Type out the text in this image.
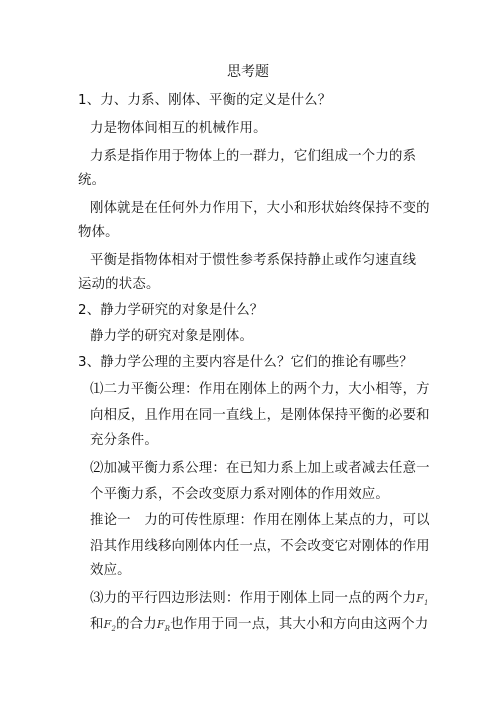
思考题
1、力、力系、刚体、平衡的定义是什么？
力是物体间相互的机械作用。
力系是指作用于物体上的一群力，它们组成一个力的系
统。
刚体就是在任何外力作用下，大小和形状始终保持不变的
物体。
平衡是指物体相对于惯性参考系保持静止或作匀速直线
运动的状态。
2、静力学研究的对象是什么？
静力学的研究对象是刚体。
3、静力学公理的主要内容是什么？它们的推论有哪些？
⑴二力平衡公理：作用在刚体上的两个力，大小相等，方
向相反，且作用在同一直线上，是刚体保持平衡的必要和
充分条件。
⑵加减平衡力系公理：在已知力系上加上或者减去任意一
个平衡力系，不会改变原力系对刚体的作用效应。
推论一　力的可传性原理：作用在刚体上某点的力，可以
沿其作用线移向刚体内任一点，不会改变它对刚体的作用
效应。
⑶力的平行四边形法则：作用于刚体上同一点的两个力$F_1$
和$F_2$的合力$F_R$也作用于同一点，其大小和方向由这两个力
